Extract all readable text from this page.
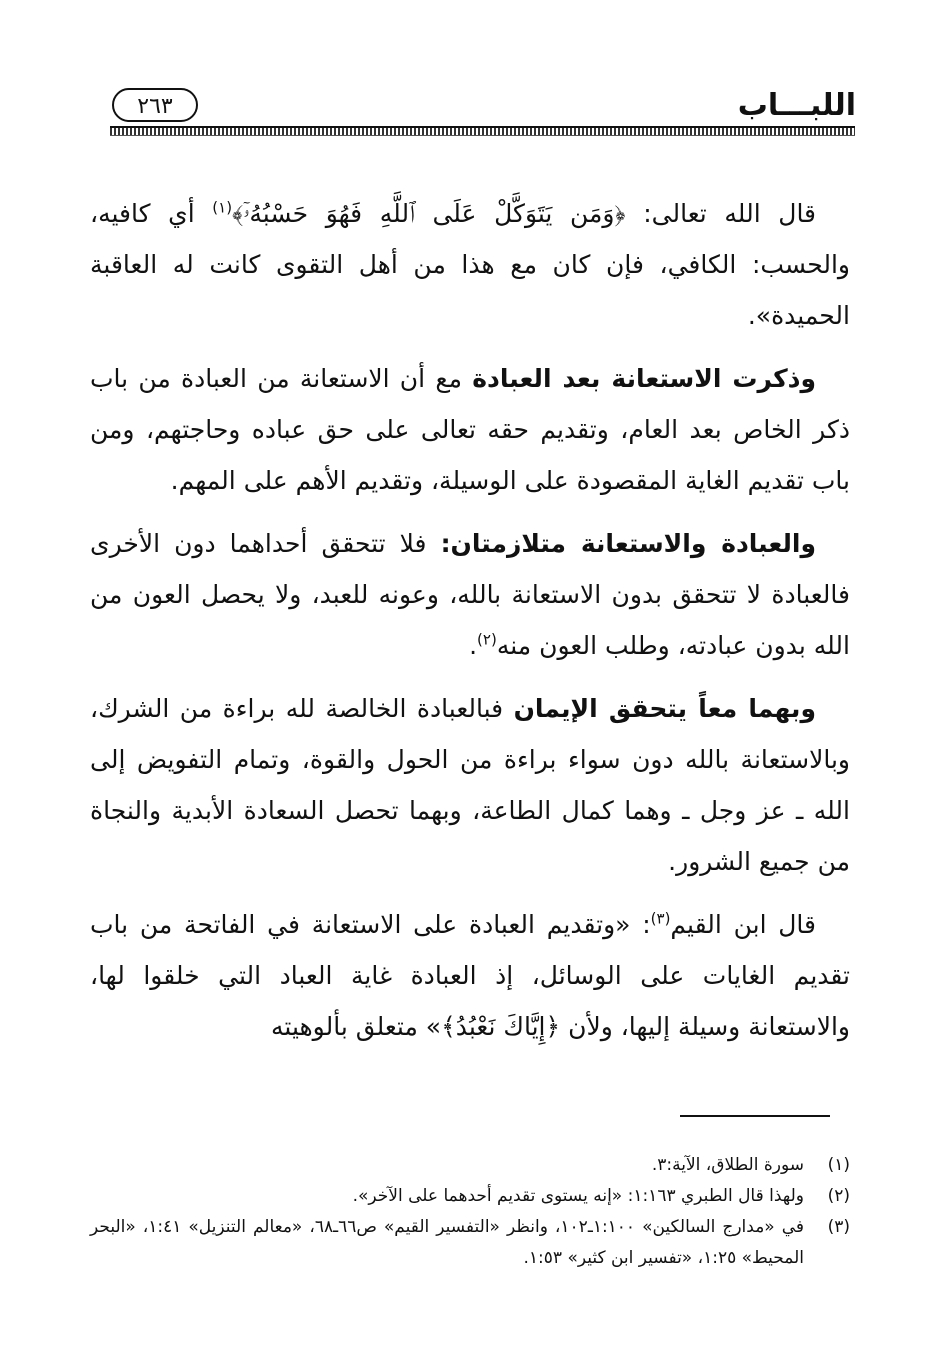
اللبـــاب
٢٦٣

قال الله تعالى: ﴿وَمَن يَتَوَكَّلْ عَلَى ٱللَّهِ فَهُوَ حَسْبُهُۥٓ﴾$^{(١)}$ أي كافيه، والحسب: الكافي، فإن كان مع هذا من أهل التقوى كانت له العاقبة الحميدة».

وذكرت الاستعانة بعد العبادة مع أن الاستعانة من العبادة من باب ذكر الخاص بعد العام، وتقديم حقه تعالى على حق عباده وحاجتهم، ومن باب تقديم الغاية المقصودة على الوسيلة، وتقديم الأهم على المهم.

والعبادة والاستعانة متلازمتان: فلا تتحقق أحداهما دون الأخرى فالعبادة لا تتحقق بدون الاستعانة بالله، وعونه للعبد، ولا يحصل العون من الله بدون عبادته، وطلب العون منه$^{(٢)}$.

وبهما معاً يتحقق الإيمان فبالعبادة الخالصة لله براءة من الشرك، وبالاستعانة بالله دون سواء براءة من الحول والقوة، وتمام التفويض إلى الله ـ عز وجل ـ وهما كمال الطاعة، وبهما تحصل السعادة الأبدية والنجاة من جميع الشرور.

قال ابن القيم$^{(٣)}$: «وتقديم العبادة على الاستعانة في الفاتحة من باب تقديم الغايات على الوسائل، إذ العبادة غاية العباد التي خلقوا لها، والاستعانة وسيلة إليها، ولأن ﴿إِيَّاكَ نَعْبُدُ﴾» متعلق بألوهيته

(١)
سورة الطلاق، الآية:٣.
(٢)
ولهذا قال الطبري ١:١٦٣: «إنه يستوى تقديم أحدهما على الآخر».
(٣)
في «مدارج السالكين» ١:١٠٠ـ١٠٢، وانظر «التفسير القيم» ص٦٦ـ٦٨، «معالم التنزيل» ١:٤١، «البحر المحيط» ١:٢٥، «تفسير ابن كثير» ١:٥٣.
